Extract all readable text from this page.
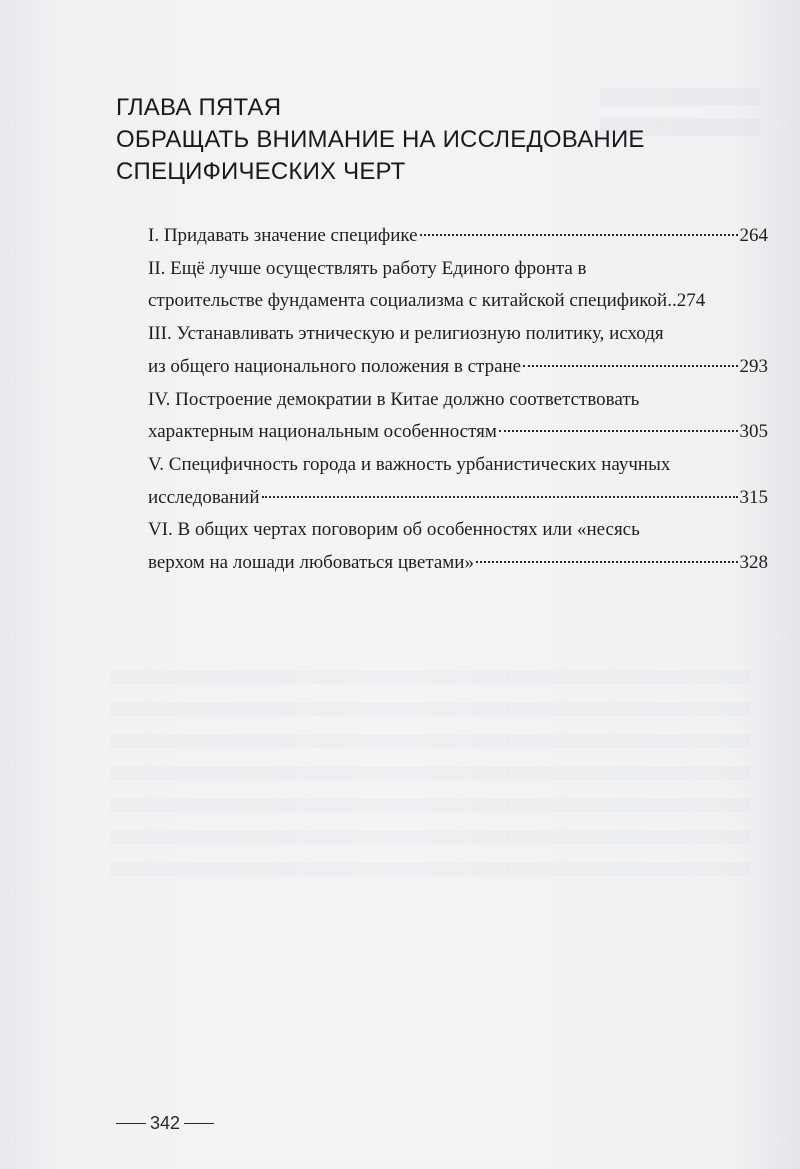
ГЛАВА ПЯТАЯ
ОБРАЩАТЬ ВНИМАНИЕ НА ИССЛЕДОВАНИЕ
СПЕЦИФИЧЕСКИХ ЧЕРТ
I. Придавать значение специфике	264
II. Ещё лучше осуществлять работу Единого фронта в
строительстве фундамента социализма с китайской спецификой .. 274
III. Устанавливать этническую и религиозную политику, исходя
из общего национального положения в стране	293
IV. Построение демократии в Китае должно соответствовать
характерным национальным особенностям	305
V. Специфичность города и важность урбанистических научных
исследований	315
VI. В общих чертах поговорим об особенностях или «несясь
верхом на лошади любоваться цветами»	328
342
